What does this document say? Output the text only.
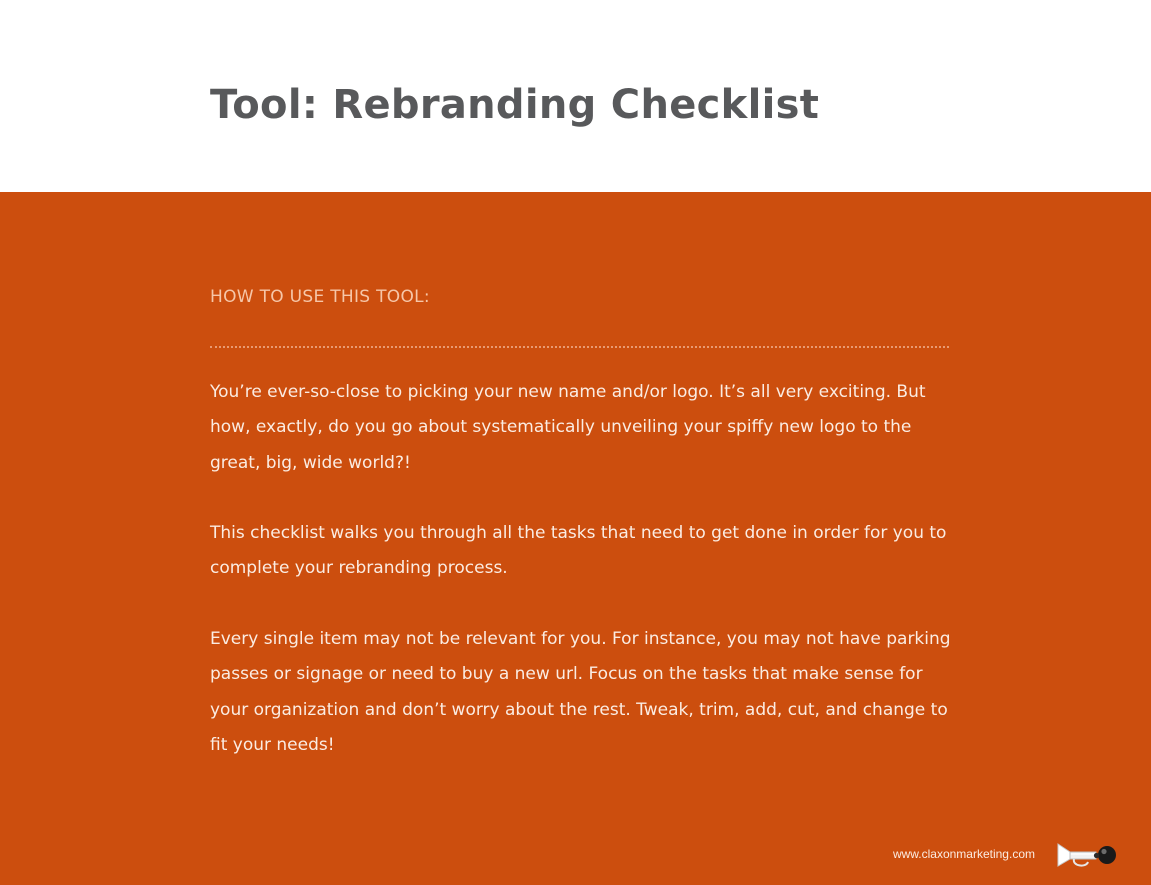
Tool: Rebranding Checklist
HOW TO USE THIS TOOL:

You’re ever-so-close to picking your new name and/or logo. It’s all very exciting. But how, exactly, do you go about systematically unveiling your spiffy new logo to the great, big, wide world?!

This checklist walks you through all the tasks that need to get done in order for you to complete your rebranding process.

Every single item may not be relevant for you. For instance, you may not have parking passes or signage or need to buy a new url. Focus on the tasks that make sense for your organization and don’t worry about the rest. Tweak, trim, add, cut, and change to fit your needs!

www.claxonmarketing.com
